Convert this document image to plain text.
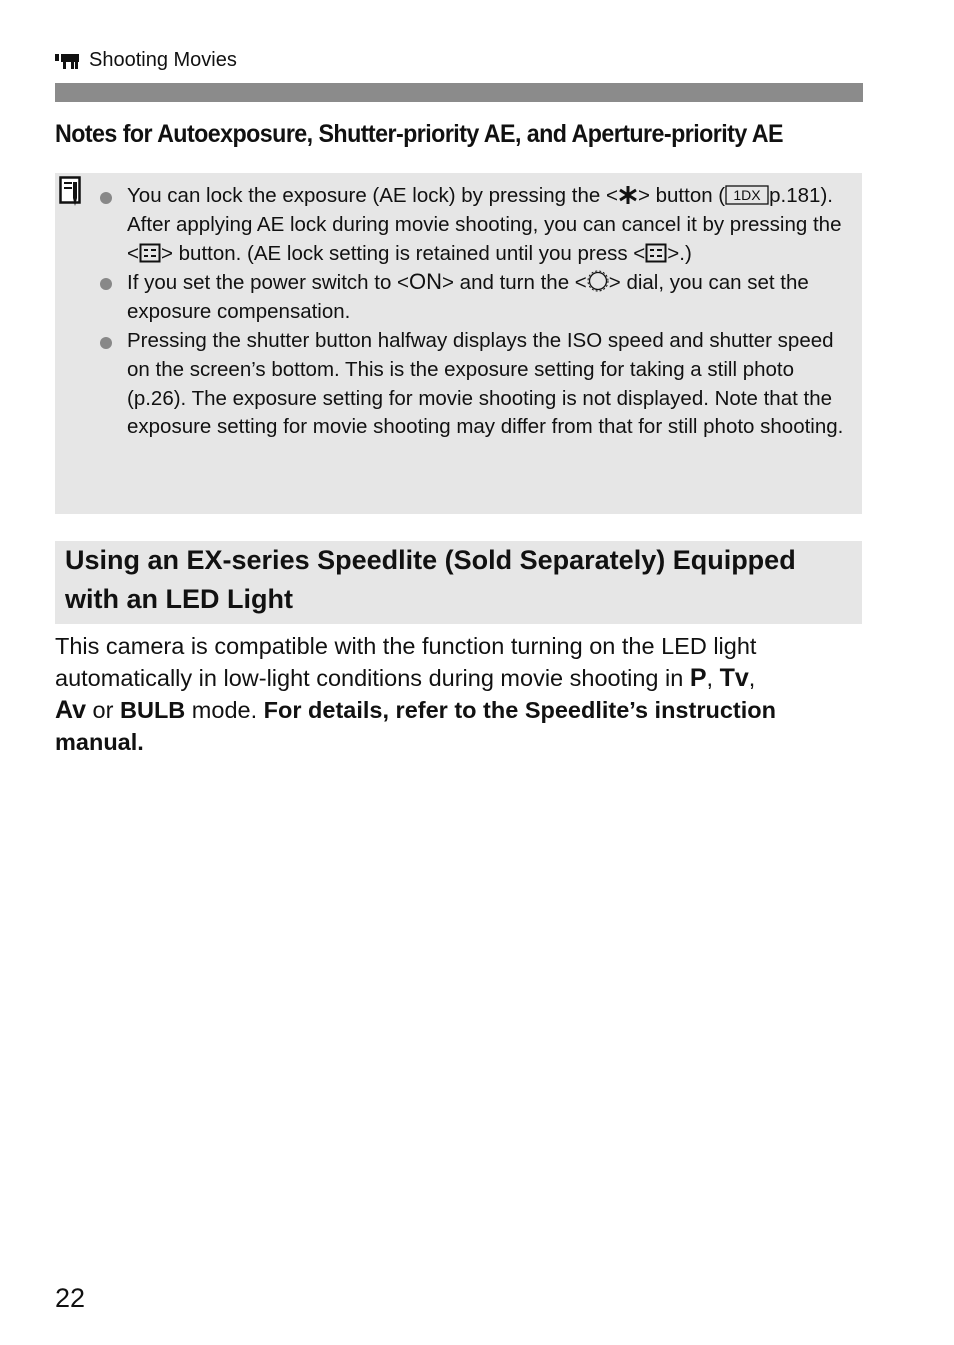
Shooting Movies
Notes for Autoexposure, Shutter-priority AE, and Aperture-priority AE
You can lock the exposure (AE lock) by pressing the < > button ( 1DX p.181). After applying AE lock during movie shooting, you can cancel it by pressing the < > button. (AE lock setting is retained until you press < >.)
If you set the power switch to <ON> and turn the < > dial, you can set the exposure compensation.
Pressing the shutter button halfway displays the ISO speed and shutter speed on the screen’s bottom. This is the exposure setting for taking a still photo (p.26). The exposure setting for movie shooting is not displayed. Note that the exposure setting for movie shooting may differ from that for still photo shooting.
Using an EX-series Speedlite (Sold Separately) Equipped
with an LED Light
This camera is compatible with the function turning on the LED light automatically in low-light conditions during movie shooting in P, Tv,
Av or BULB mode. For details, refer to the Speedlite’s instruction manual.
22
